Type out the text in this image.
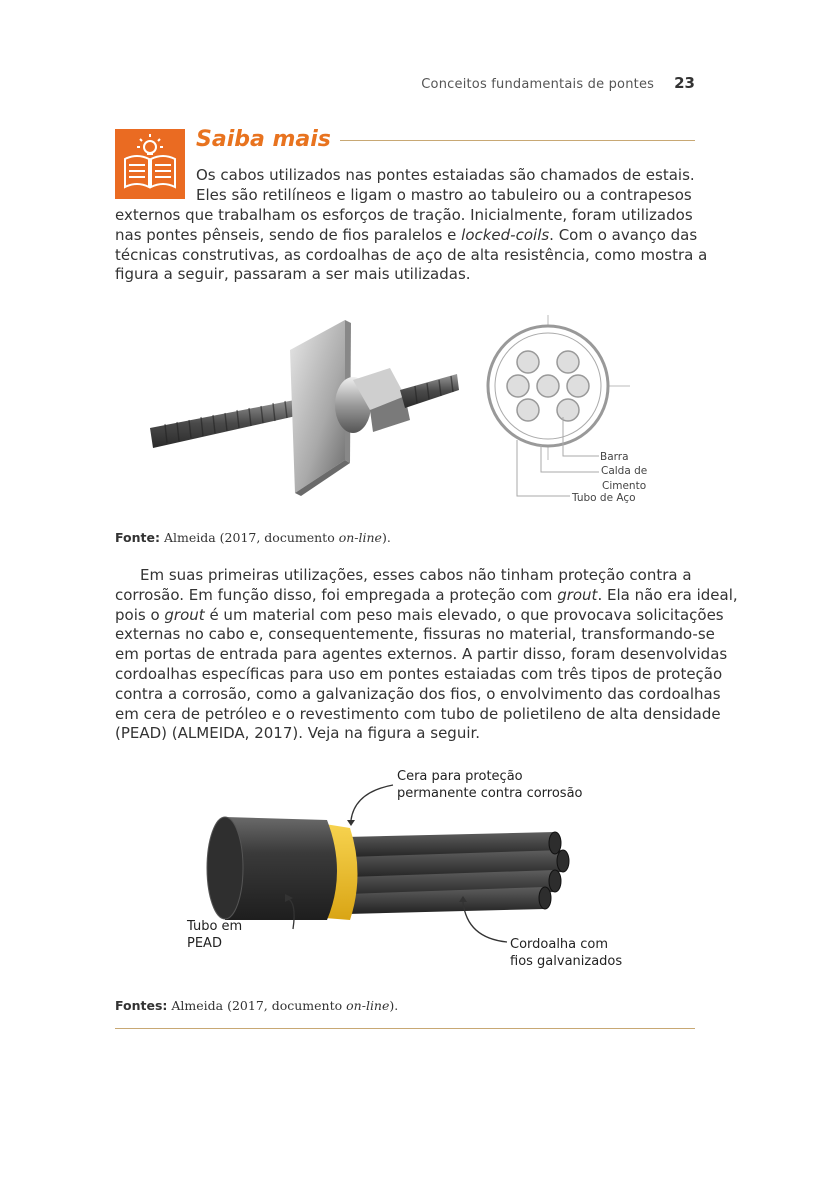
Conceitos fundamentais de pontes 23
Saiba mais
Os cabos utilizados nas pontes estaiadas são chamados de estais.
Eles são retilíneos e ligam o mastro ao tabuleiro ou a contrapesos
externos que trabalham os esforços de tração. Inicialmente, foram utilizados
nas pontes pênseis, sendo de fios paralelos e locked-coils. Com o avanço das
técnicas construtivas, as cordoalhas de aço de alta resistência, como mostra a
figura a seguir, passaram a ser mais utilizadas.
Barra
Calda de
Cimento
Tubo de Aço
Fonte: Almeida (2017, documento on-line).
Em suas primeiras utilizações, esses cabos não tinham proteção contra a
corrosão. Em função disso, foi empregada a proteção com grout. Ela não era ideal,
pois o grout é um material com peso mais elevado, o que provocava solicitações
externas no cabo e, consequentemente, fissuras no material, transformando-se
em portas de entrada para agentes externos. A partir disso, foram desenvolvidas
cordoalhas específicas para uso em pontes estaiadas com três tipos de proteção
contra a corrosão, como a galvanização dos fios, o envolvimento das cordoalhas
em cera de petróleo e o revestimento com tubo de polietileno de alta densidade
(PEAD) (ALMEIDA, 2017). Veja na figura a seguir.
Cera para proteção
permanente contra corrosão
Tubo em
PEAD	Cordoalha com
fios galvanizados
Fontes: Almeida (2017, documento on-line).
